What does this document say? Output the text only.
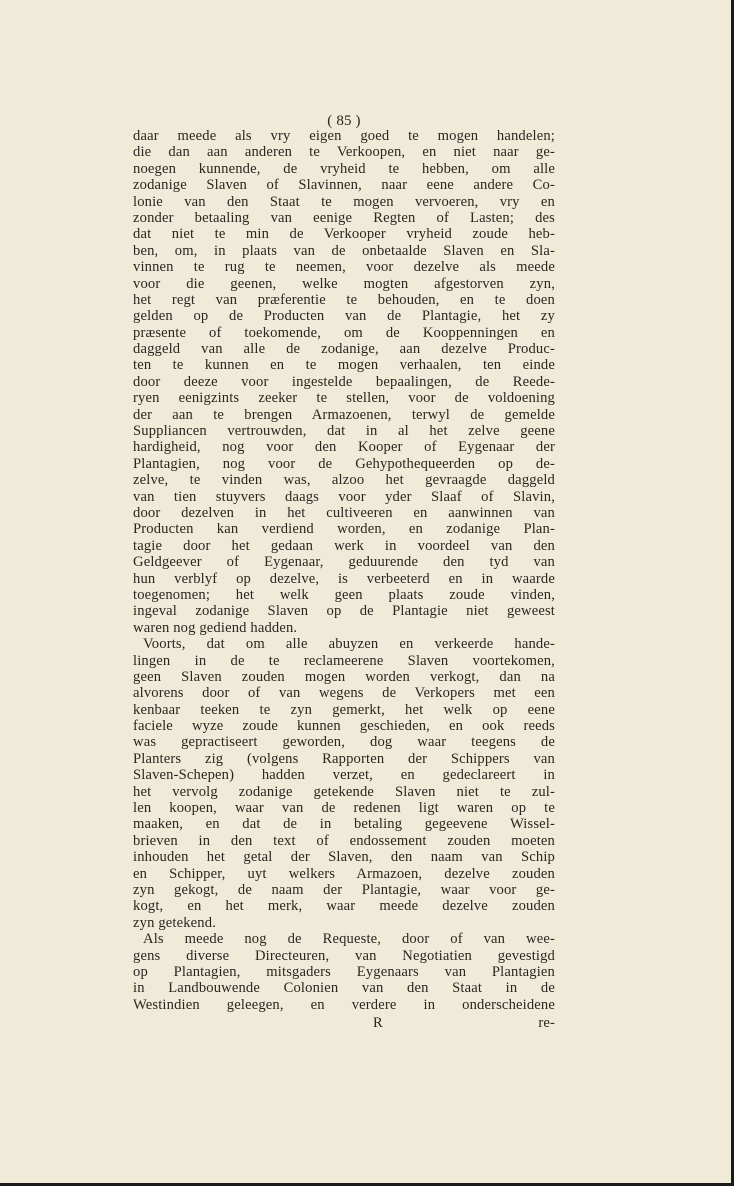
( 85 )
daar meede als vry eigen goed te mogen handelen;
die dan aan anderen te Verkoopen, en niet naar ge-
noegen kunnende, de vryheid te hebben, om alle
zodanige Slaven of Slavinnen, naar eene andere Co-
lonie van den Staat te mogen vervoeren, vry en
zonder betaaling van eenige Regten of Lasten; des
dat niet te min de Verkooper vryheid zoude heb-
ben, om, in plaats van de onbetaalde Slaven en Sla-
vinnen te rug te neemen, voor dezelve als meede
voor die geenen, welke mogten afgestorven zyn,
het regt van præferentie te behouden, en te doen
gelden op de Producten van de Plantagie, het zy
præsente of toekomende, om de Kooppenningen en
daggeld van alle de zodanige, aan dezelve Produc-
ten te kunnen en te mogen verhaalen, ten einde
door deeze voor ingestelde bepaalingen, de Reede-
ryen eenigzints zeeker te stellen, voor de voldoening
der aan te brengen Armazoenen, terwyl de gemelde
Suppliancen vertrouwden, dat in al het zelve geene
hardigheid, nog voor den Kooper of Eygenaar der
Plantagien, nog voor de Gehypothequeerden op de-
zelve, te vinden was, alzoo het gevraagde daggeld
van tien stuyvers daags voor yder Slaaf of Slavin,
door dezelven in het cultiveeren en aanwinnen van
Producten kan verdiend worden, en zodanige Plan-
tagie door het gedaan werk in voordeel van den
Geldgeever of Eygenaar, geduurende den tyd van
hun verblyf op dezelve, is verbeeterd en in waarde
toegenomen; het welk geen plaats zoude vinden,
ingeval zodanige Slaven op de Plantagie niet geweest
waren nog gediend hadden.
Voorts, dat om alle abuyzen en verkeerde hande-
lingen in de te reclameerene Slaven voortekomen,
geen Slaven zouden mogen worden verkogt, dan na
alvorens door of van wegens de Verkopers met een
kenbaar teeken te zyn gemerkt, het welk op eene
faciele wyze zoude kunnen geschieden, en ook reeds
was gepractiseert geworden, dog waar teegens de
Planters zig (volgens Rapporten der Schippers van
Slaven-Schepen) hadden verzet, en gedeclareert in
het vervolg zodanige getekende Slaven niet te zul-
len koopen, waar van de redenen ligt waren op te
maaken, en dat de in betaling gegeevene Wissel-
brieven in den text of endossement zouden moeten
inhouden het getal der Slaven, den naam van Schip
en Schipper, uyt welkers Armazoen, dezelve zouden
zyn gekogt, de naam der Plantagie, waar voor ge-
kogt, en het merk, waar meede dezelve zouden
zyn getekend.
Als meede nog de Requeste, door of van wee-
gens diverse Directeuren, van Negotiatien gevestigd
op Plantagien, mitsgaders Eygenaars van Plantagien
in Landbouwende Colonien van den Staat in de
Westindien geleegen, en verdere in onderscheidene
R	re-
